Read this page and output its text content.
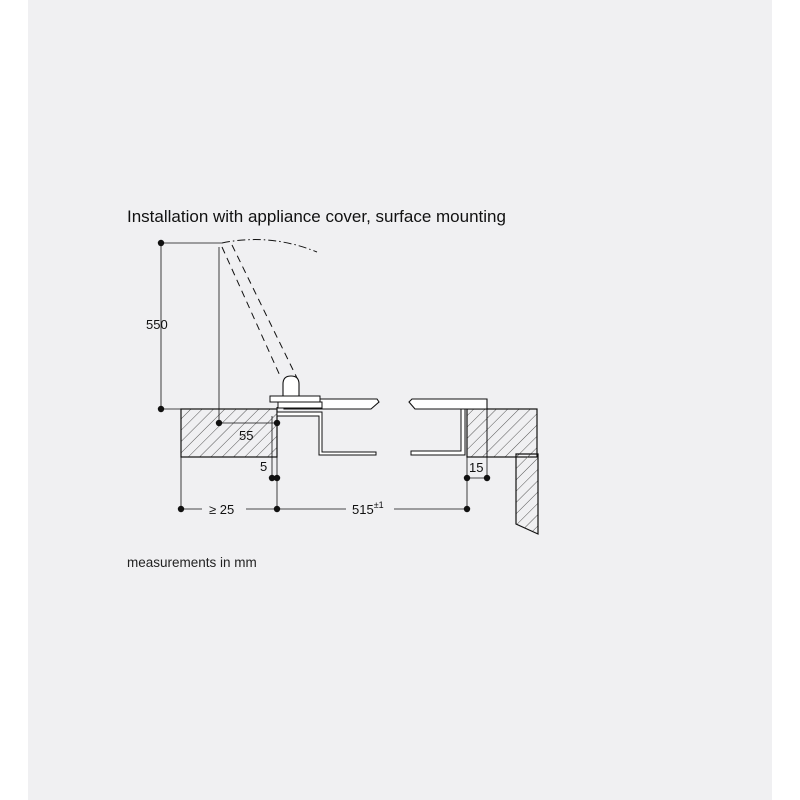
Installation with appliance cover, surface mounting
550
55
5	15
≥ 25	$515^{\pm 1}$
measurements in mm
